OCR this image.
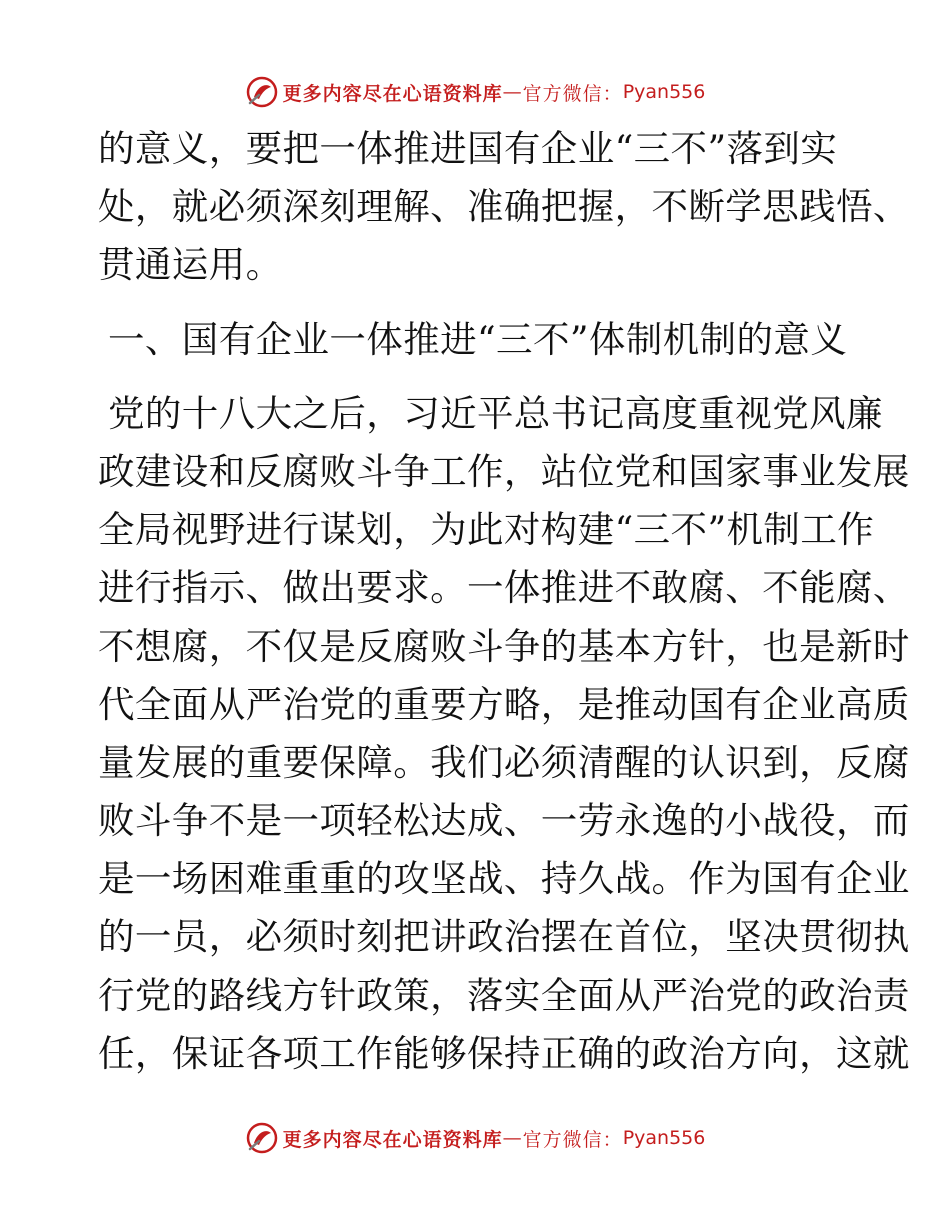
更多内容尽在心语资料库 — 官方微信： Pyan556
的意义，要把一体推进国有企业“三不”落到实
处，就必须深刻理解、准确把握，不断学思践悟、
贯通运用。
一、国有企业一体推进“三不”体制机制的意义
党的十八大之后，习近平总书记高度重视党风廉
政建设和反腐败斗争工作，站位党和国家事业发展
全局视野进行谋划，为此对构建“三不”机制工作
进行指示、做出要求。一体推进不敢腐、不能腐、
不想腐，不仅是反腐败斗争的基本方针，也是新时
代全面从严治党的重要方略，是推动国有企业高质
量发展的重要保障。我们必须清醒的认识到，反腐
败斗争不是一项轻松达成、一劳永逸的小战役，而
是一场困难重重的攻坚战、持久战。作为国有企业
的一员，必须时刻把讲政治摆在首位，坚决贯彻执
行党的路线方针政策，落实全面从严治党的政治责
任，保证各项工作能够保持正确的政治方向，这就
更多内容尽在心语资料库 — 官方微信： Pyan556
